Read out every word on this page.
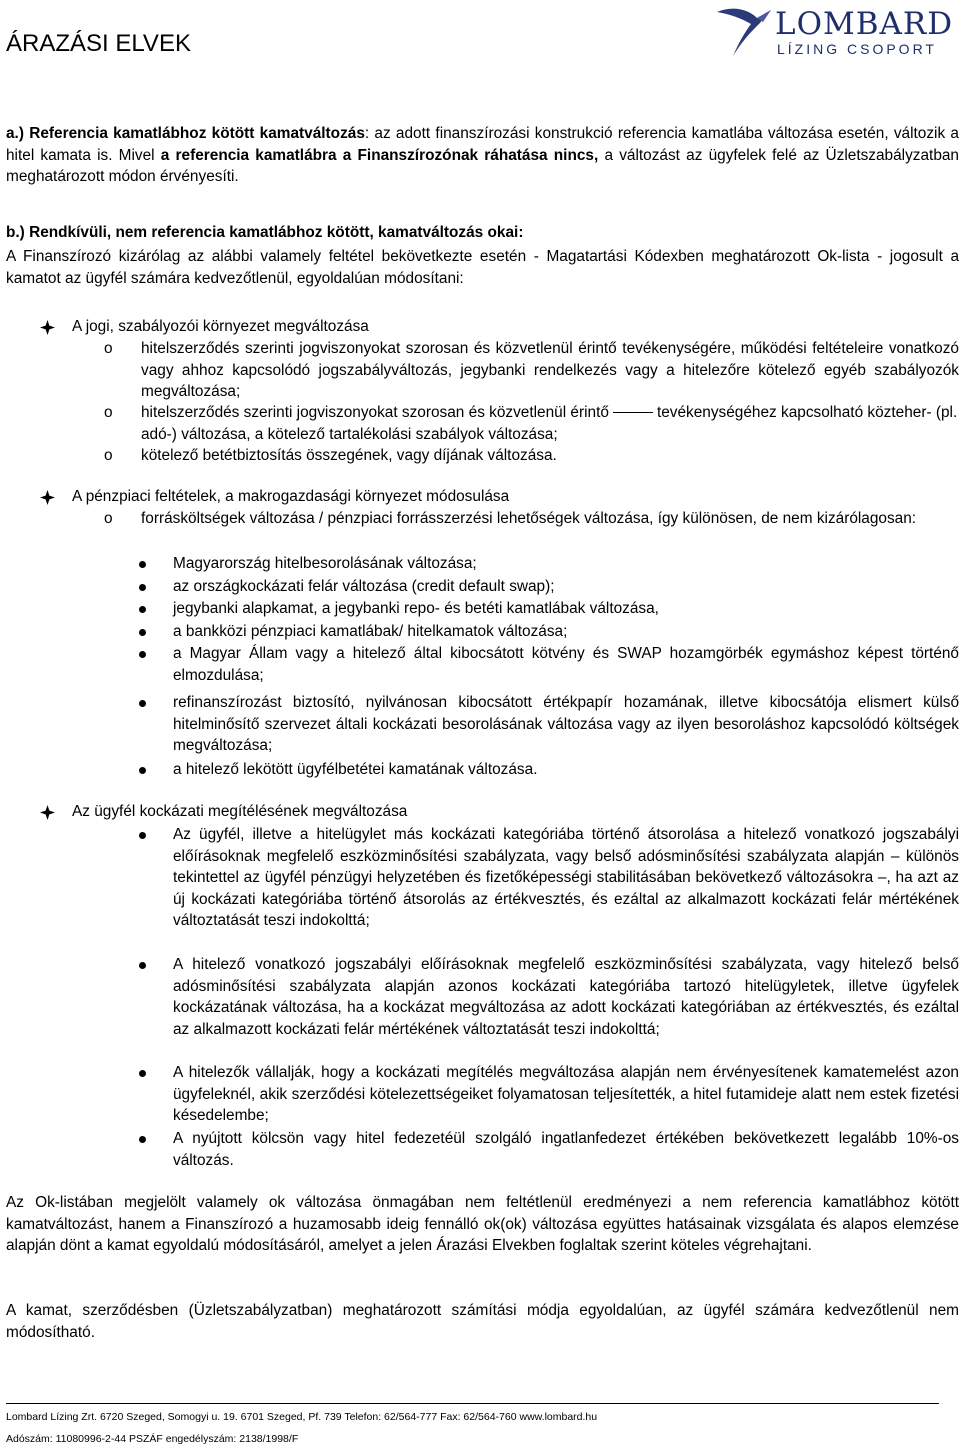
ÁRAZÁSI ELVEK
LOMBARD
LÍZING CSOPORT

a.) Referencia kamatlábhoz kötött kamatváltozás: az adott finanszírozási konstrukció referencia kamatlába változása esetén, változik a hitel kamata is. Mivel a referencia kamatlábra a Finanszírozónak ráhatása nincs, a változást az ügyfelek felé az Üzletszabályzatban meghatározott módon érvényesíti.

b.) Rendkívüli, nem referencia kamatlábhoz kötött, kamatváltozás okai:

A Finanszírozó kizárólag az alábbi valamely feltétel bekövetkezte esetén - Magatartási Kódexben meghatározott Ok-lista - jogosult a kamatot az ügyfél számára kedvezőtlenül, egyoldalúan módosítani:

A jogi, szabályozói környezet megváltozása
o hitelszerződés szerinti jogviszonyokat szorosan és közvetlenül érintő tevékenységére, működési feltételeire vonatkozó vagy ahhoz kapcsolódó jogszabályváltozás, jegybanki rendelkezés vagy a hitelezőre kötelező egyéb szabályozók megváltozása;
o hitelszerződés szerinti jogviszonyokat szorosan és közvetlenül érintő	tevékenységéhez kapcsolható közteher- (pl. adó-) változása, a kötelező tartalékolási szabályok változása;
o kötelező betétbiztosítás összegének, vagy díjának változása.
A pénzpiaci feltételek, a makrogazdasági környezet módosulása
o forrásköltségek változása / pénzpiaci forrásszerzési lehetőségek változása, így különösen, de nem kizárólagosan:
Magyarország hitelbesorolásának változása;
az országkockázati felár változása (credit default swap);
jegybanki alapkamat, a jegybanki repo- és betéti kamatlábak változása,
a bankközi pénzpiaci kamatlábak/ hitelkamatok változása;
a Magyar Állam vagy a hitelező által kibocsátott kötvény és SWAP hozamgörbék egymáshoz képest történő elmozdulása;
refinanszírozást biztosító, nyilvánosan kibocsátott értékpapír hozamának, illetve kibocsátója elismert külső hitelminősítő szervezet általi kockázati besorolásának változása vagy az ilyen besoroláshoz kapcsolódó költségek megváltozása;
a hitelező lekötött ügyfélbetétei kamatának változása.
Az ügyfél kockázati megítélésének megváltozása
Az ügyfél, illetve a hitelügylet más kockázati kategóriába történő átsorolása a hitelező vonatkozó jogszabályi előírásoknak megfelelő eszközminősítési szabályzata, vagy belső adósminősítési szabályzata alapján – különös tekintettel az ügyfél pénzügyi helyzetében és fizetőképességi stabilitásában bekövetkező változásokra –, ha azt az új kockázati kategóriába történő átsorolás az értékvesztés, és ezáltal az alkalmazott kockázati felár mértékének változtatását teszi indokolttá;
A hitelező vonatkozó jogszabályi előírásoknak megfelelő eszközminősítési szabályzata, vagy hitelező belső adósminősítési szabályzata alapján azonos kockázati kategóriába tartozó hitelügyletek, illetve ügyfelek kockázatának változása, ha a kockázat megváltozása az adott kockázati kategóriában az értékvesztés, és ezáltal az alkalmazott kockázati felár mértékének változtatását teszi indokolttá;
A hitelezők vállalják, hogy a kockázati megítélés megváltozása alapján nem érvényesítenek kamatemelést azon ügyfeleknél, akik szerződési kötelezettségeiket folyamatosan teljesítették, a hitel futamideje alatt nem estek fizetési késedelembe;
A nyújtott kölcsön vagy hitel fedezetéül szolgáló ingatlanfedezet értékében bekövetkezett legalább 10%-os változás.

Az Ok-listában megjelölt valamely ok változása önmagában nem feltétlenül eredményezi a nem referencia kamatlábhoz kötött kamatváltozást, hanem a Finanszírozó a huzamosabb ideig fennálló ok(ok) változása együttes hatásainak vizsgálata és alapos elemzése alapján dönt a kamat egyoldalú módosításáról, amelyet a jelen Árazási Elvekben foglaltak szerint köteles végrehajtani.

A kamat, szerződésben (Üzletszabályzatban) meghatározott számítási módja egyoldalúan, az ügyfél számára kedvezőtlenül nem módosítható.

Lombard Lízing Zrt. 6720 Szeged, Somogyi u. 19. 6701 Szeged, Pf. 739 Telefon: 62/564-777 Fax: 62/564-760 www.lombard.hu
Adószám: 11080996-2-44 PSZÁF engedélyszám: 2138/1998/F
